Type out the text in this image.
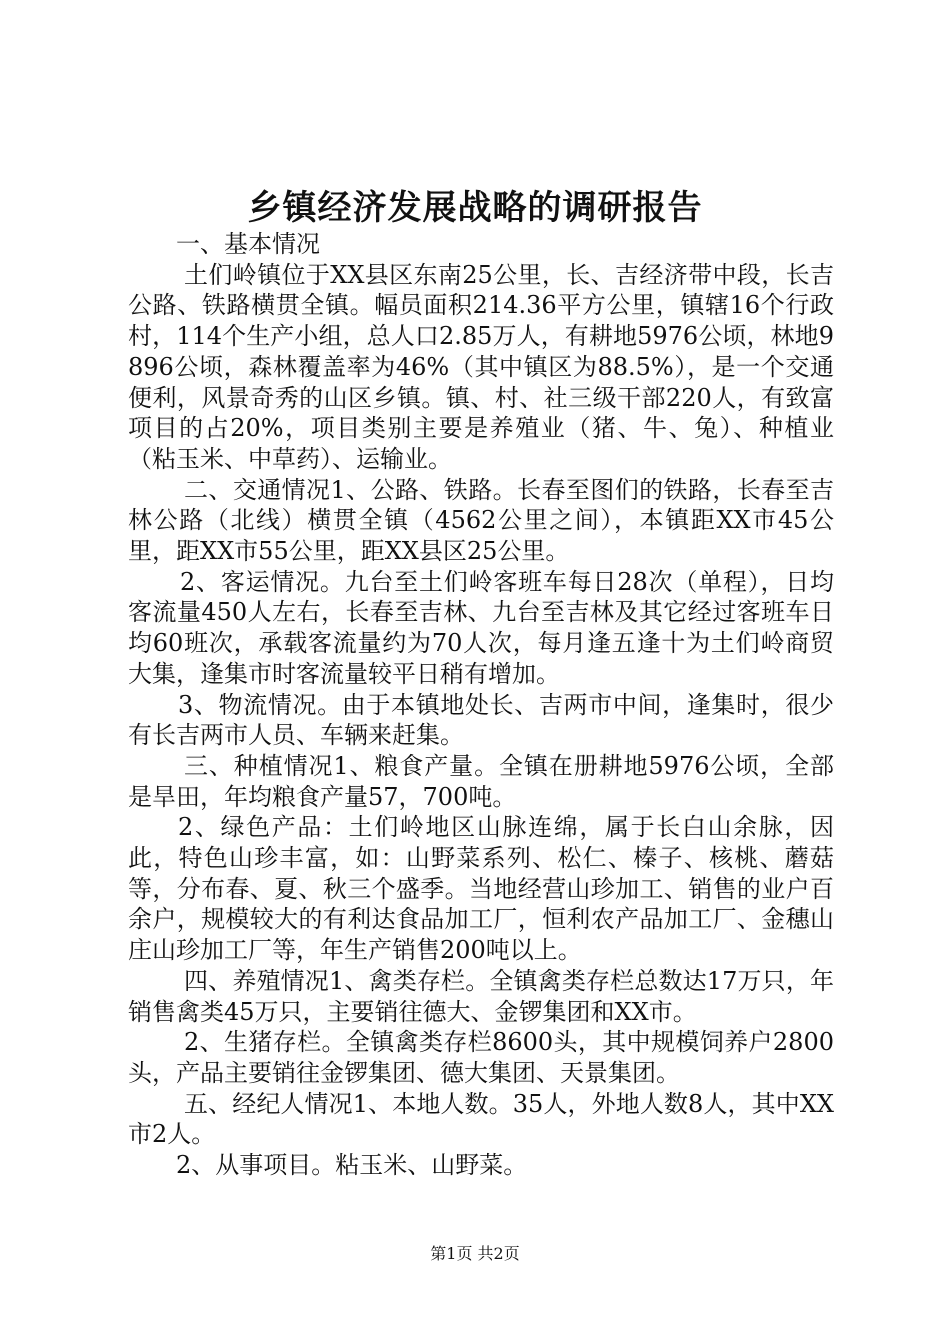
乡镇经济发展战略的调研报告

一、基本情况

土们岭镇位于XX县区东南25公里，长、吉经济带中段，长吉公路、铁路横贯全镇。幅员面积214.36平方公里，镇辖16个行政村，114个生产小组，总人口2.85万人，有耕地5976公顷，林地9896公顷，森林覆盖率为46%（其中镇区为88.5%），是一个交通便利，风景奇秀的山区乡镇。镇、村、社三级干部220人，有致富项目的占20%，项目类别主要是养殖业（猪、牛、兔）、种植业（粘玉米、中草药）、运输业。

二、交通情况1、公路、铁路。长春至图们的铁路，长春至吉林公路（北线）横贯全镇（4562公里之间），本镇距XX市45公里，距XX市55公里，距XX县区25公里。

2、客运情况。九台至土们岭客班车每日28次（单程），日均客流量450人左右，长春至吉林、九台至吉林及其它经过客班车日均60班次，承载客流量约为70人次，每月逢五逢十为土们岭商贸大集，逢集市时客流量较平日稍有增加。

3、物流情况。由于本镇地处长、吉两市中间，逢集时，很少有长吉两市人员、车辆来赶集。

三、种植情况1、粮食产量。全镇在册耕地5976公顷，全部是旱田，年均粮食产量57，700吨。

2、绿色产品：土们岭地区山脉连绵，属于长白山余脉，因此，特色山珍丰富，如：山野菜系列、松仁、榛子、核桃、蘑菇等，分布春、夏、秋三个盛季。当地经营山珍加工、销售的业户百余户，规模较大的有利达食品加工厂，恒利农产品加工厂、金穗山庄山珍加工厂等，年生产销售200吨以上。

四、养殖情况1、禽类存栏。全镇禽类存栏总数达17万只，年销售禽类45万只，主要销往德大、金锣集团和XX市。

2、生猪存栏。全镇禽类存栏8600头，其中规模饲养户2800头，产品主要销往金锣集团、德大集团、天景集团。

五、经纪人情况1、本地人数。35人，外地人数8人，其中XX市2人。

2、从事项目。粘玉米、山野菜。

第1页 共2页
